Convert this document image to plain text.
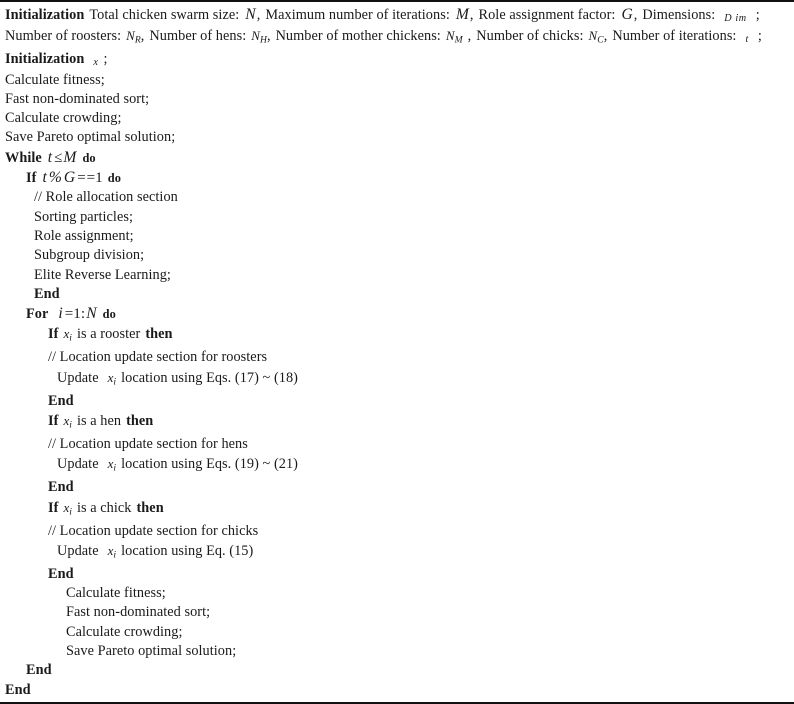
Initialization Total chicken swarm size: N, Maximum number of iterations: M, Role assignment factor: G, Dimensions: D im ;
Number of roosters: $N_R$, Number of hens: $N_H$, Number of mother chickens: $N_M$ , Number of chicks: $N_C$, Number of iterations: t ;
Initialization x ;
Calculate fitness;
Fast non-dominated sort;
Calculate crowding;
Save Pareto optimal solution;
While t ≤ M do
If t % G = =1 do
// Role allocation section
Sorting particles;
Role assignment;
Subgroup division;
Elite Reverse Learning;
End
For i =1:N do
If $x_i$ is a rooster then
// Location update section for roosters
Update $x_i$ location using Eqs. (17) ~ (18)
End
If $x_i$ is a hen then
// Location update section for hens
Update $x_i$ location using Eqs. (19) ~ (21)
End
If $x_i$ is a chick then
// Location update section for chicks
Update $x_i$ location using Eq. (15)
End
Calculate fitness;
Fast non-dominated sort;
Calculate crowding;
Save Pareto optimal solution;
End
End
